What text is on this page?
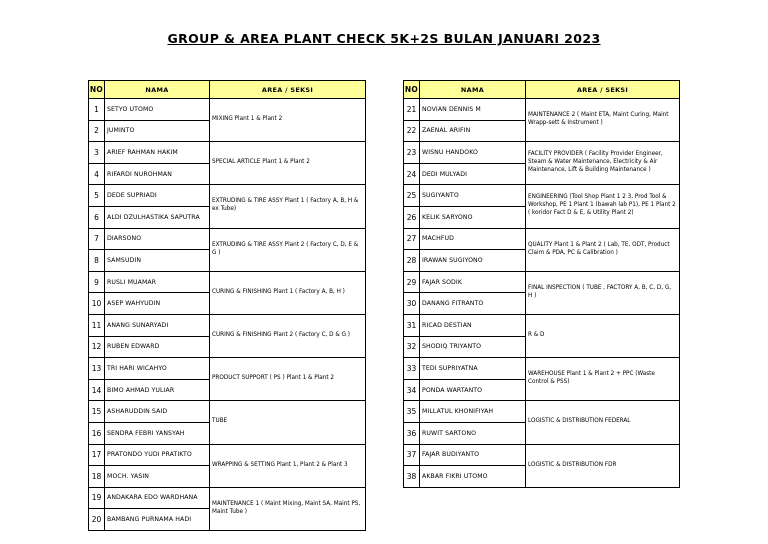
GROUP & AREA PLANT CHECK 5K+2S BULAN JANUARI 2023

NO	NAMA	AREA / SEKSI
1	SETYO UTOMO	MIXING Plant 1 & Plant 2
2	JUMINTO	
3	ARIEF RAHMAN HAKIM	SPECIAL ARTICLE Plant 1 & Plant 2
4	RIFARDI NUROHMAN	
5	DEDE SUPRIADI	EXTRUDING & TIRE ASSY Plant 1 ( Factory A, B, H & ex Tube)
6	ALDI DZULHASTIKA SAPUTRA	
7	DIARSONO	EXTRUDING & TIRE ASSY Plant 2 ( Factory C, D, E & G )
8	SAMSUDIN	
9	RUSLI MUAMAR	CURING & FINISHING Plant 1 ( Factory A, B, H )
10	ASEP WAHYUDIN	
11	ANANG SUNARYADI	CURING & FINISHING Plant 2 ( Factory C, D & G )
12	RUBEN EDWARD	
13	TRI HARI WICAHYO	PRODUCT SUPPORT ( PS ) Plant 1 & Plant 2
14	BIMO AHMAD YULIAR	
15	ASHARUDDIN SAID	TUBE
16	SENDRA FEBRI YANSYAH	
17	PRATONDO YUDI PRATIKTO	WRAPPING & SETTING Plant 1, Plant 2 & Plant 3
18	MOCH. YASIN	
19	ANDAKARA EDO WARDHANA	MAINTENANCE 1 ( Maint Mixing, Maint SA, Maint PS, Maint Tube )
20	BAMBANG PURNAMA HADI	

NO	NAMA	AREA / SEKSI
21	NOVIAN DENNIS M	MAINTENANCE 2 ( Maint ETA, Maint Curing, Maint Wrapp-sett & Instrument )
22	ZAENAL ARIFIN	
23	WISNU HANDOKO	FACILITY PROVIDER ( Facility Provider Engineer, Steam & Water Maintenance, Electricity & Air Maintenance, Lift & Building Maintenance )
24	DEDI MULYADI	
25	SUGIYANTO	ENGINEERING (Tool Shop Plant 1 2 3, Prod Tool & Workshop, PE 1 Plant 1 (bawah lab P1), PE 1 Plant 2 ( koridor Fact D & E, & Utility Plant 2)
26	KELIK SARYONO	
27	MACHFUD	QUALITY Plant 1 & Plant 2 ( Lab, TE, ODT, Product Claim & PDA, PC & Calibration )
28	IRAWAN SUGIYONO	
29	FAJAR SODIK	FINAL INSPECTION ( TUBE , FACTORY A, B, C, D, G, H )
30	DANANG FITRANTO	
31	RICAD DESTIAN	R & D
32	SHODIQ TRIYANTO	
33	TEDI SUPRIYATNA	WAREHOUSE Plant 1 & Plant 2 + PPC (Waste Control & PSS)
34	PONDA WARTANTO	
35	MILLATUL KHONIFIYAH	LOGISTIC & DISTRIBUTION FEDERAL
36	RUWIT SARTONO	
37	FAJAR BUDIYANTO	LOGISTIC & DISTRIBUTION FDR
38	AKBAR FIKRI UTOMO	
